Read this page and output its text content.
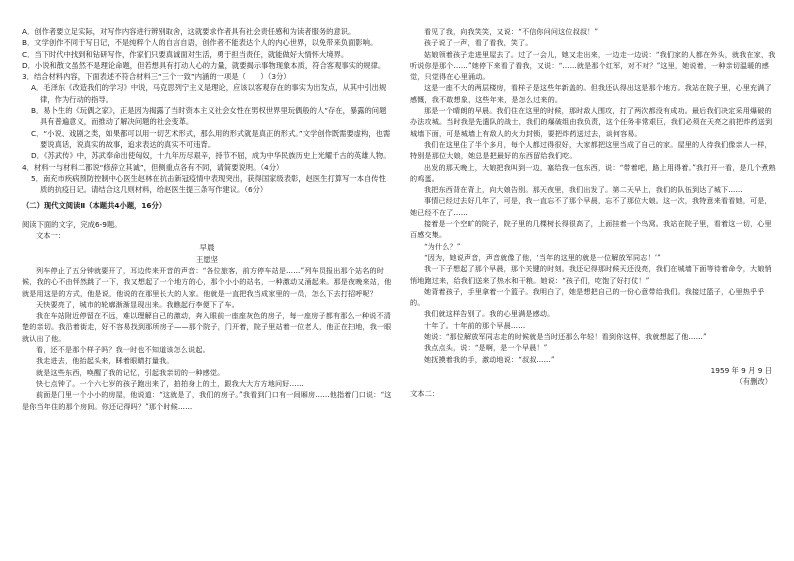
A．创作者要立足实际，对写作内容进行辨别取舍，这就要求作者具有社会责任感和为读者服务的意识。

B．文学创作不同于写日记，不是纯粹个人的自言自语，创作者不能表达个人的内心世界，以免带来负面影响。

C．当下时代中找到和钻研写作，作家们只要真诚面对生活，勇于担当责任，就能做好大情怀大境界。

D．小说和散文虽然不是理论命题，但若想具有打动人心的力量，就要揭示事物现象本质，符合客观事实的规律。

3．结合材料内容，下面表述不符合材料三“三个一致”内涵的一项是（　　）（3分）

A．毛泽东《改造我们的学习》中说，马克思列宁主义是理论，应该以客观存在的事实为出发点，从其中引出规律，作为行动的指导。

B．易卜生的《玩偶之家》，正是因为揭露了当时资本主义社会女性在男权世界里玩偶般的人”存在，暴露的问题具有普遍意义，而推动了解决问题的社会变革。

C．“小说、戏剧之类，如果都可以用一切艺术形式，那么用的形式就是真正的形式。”文学创作既需要虚构，也需要说真话，说真实的故事，追求表达的真实不可违背。

D．《苏武传》中，苏武奉命出使匈奴，十九年历尽艰辛，持节不屈，成为中华民族历史上光耀千古的英雄人物。

4．材料一与材料二都说“修辞立其诚”，但侧重点各有不同，请简要说明。（4分）

5．南充市疾病预防控制中心医生赵林在抗击新冠疫情中表现突出，获得国家级表彰，赵医生打算写一本自传性质的抗疫日记。请结合这几则材料，给赵医生提三条写作建议。（6分）

（二）现代文阅读Ⅱ（本题共4小题，16分）

阅读下面的文字，完成6-9题。

文本一：

早晨

王愿坚

列车停止了五分钟就要开了，耳边传来开音的声音：“各位旅客，前方停车站是……”列车员报出那个站名的时候，我的心不由怦然跳了一下，我又想起了一个地方的心，那个小小的站名，一种激动又涌起来。那是夜晚来站，他就是用这是的方式，他是说，他说的在那里长大的人家。他就是一直把我当成家里的一员，怎么下去打招呼呢？

天快要亮了，城市的轮廓渐渐显现出来。我瞧起行李便下了车。

我在车站附近停留在不远，难以理解自己的激动，奔入眼前一座座灰色的房子，每一座房子都有那么一种说不清楚的亲切。我沿着街走，好不容易找到那所房子——那个院子，门开着，院子里站着一位老人，他正在扫地，我一眼就认出了他。

看，还不是那个样子吗？我一时也不知道该怎么说起。

我走进去，他抬起头来，眯着眼睛打量我。

就是这些东西，唤醒了我的记忆，引起我亲切的一种感觉。

快七点钟了。一个六七岁的孩子跑出来了，拍拍身上的土，跟我大大方方地问好……

前面是门里一个小小的房屋，他说道：“这就是了，我们的房子。”我看到门口有一间厢房……他指着门口说：“这是你当年住的那个房间。你还记得吗？”那个时候……

看见了我，向我笑笑，又说：“不信你问问这位叔叔！”

孩子说了一声，看了看我，笑了。

姑娘领着孩子走进里屋去了。过了一会儿，她又走出来，一边走一边说：“我们家的人都在外头，就我在家，我听说你是那个……”她停下来看了看我，又说：“……就是那个红军，对不对？”这里，她说着，一种亲切温暖的感觉，只觉得在心里涌动。

这是一座不大的两层楼房，看样子是这些年新盖的。但我还认得出这是那个地方。我站在院子里，心里充满了感慨，我不敢想象，这些年来，是怎么过来的。

那是一个晴朗的早晨。我们住在这里的时候，那时敌人围攻，打了两次都没有成功。最后我们决定采用爆破的办法攻城。当时我是先遣队的战士，我们的爆破组由我负责，这个任务非常艰巨，我们必须在天亮之前把炸药送到城墙下面，可是城墙上有敌人的火力封锁，要把炸药送过去，谈何容易。

我们在这里住了半个多月，每个人都过得很好，大家都把这里当成了自己的家。屋里的人待我们像亲人一样，特别是那位大娘，她总是把最好的东西留给我们吃。

出发的那天晚上，大娘把我叫到一边，塞给我一包东西，说：“带着吧，路上用得着。”我打开一看，是几个煮熟的鸡蛋。

我把东西背在背上，向大娘告别。那天夜里，我们出发了。第二天早上，我们的队伍到达了城下……

事情已经过去好几年了，可是，我一直忘不了那个早晨，忘不了那位大娘。这一次，我特意来看看她，可是，她已经不在了……

接着是一个空旷的院子，院子里的几棵树长得很高了，上面挂着一个鸟窝。我站在院子里，看着这一切，心里百感交集。

“为什么？”

“因为，她说声音，声音就像了他，‘当年的这里的就是一位解放军同志！’”

我一下子想起了那个早晨，那个关键的时刻。我还记得那时候天还没亮，我们在城墙下面等待着命令，大娘悄悄地跑过来，给我们送来了热水和干粮。她说：“孩子们，吃饱了好打仗！”

她背着孩子，手里拿着一个篮子。我明白了，她是想把自己的一份心意带给我们。我接过篮子，心里热乎乎的。

我们就这样告别了。我的心里满是感动。

十年了。十年前的那个早晨……

她说：“那位解放军同志走的时候就是当时还那么年轻！看到你这样，我就想起了他……”

我点点头，说：“是啊，是一个早晨！”

她抚摸着我的手，激动地说：“叔叔……”

1959 年 9 月 9 日

（有删改）

文本二：
